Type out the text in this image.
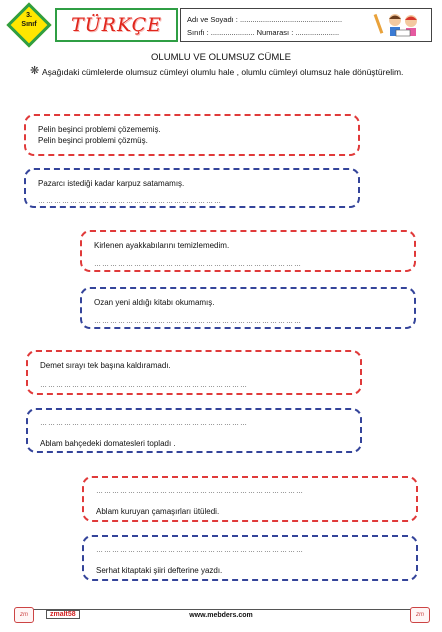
3.
Sınıf	TÜRKÇE	Adı ve Soyadı : .................................................
Sınıfı : ..................... Numarası : .....................
OLUMLU VE OLUMSUZ CÜMLE
❋ Aşağıdaki cümlelerde olumsuz cümleyi olumlu hale , olumlu cümleyi olumsuz hale dönüştürelim.
Pelin beşinci problemi çözememiş.
Pelin beşinci problemi çözmüş.
Pazarcı istediği kadar karpuz satamamış.
……………………………………………………………
Kirlenen ayakkabılarını temizlemedim.
……………………………………………………………………
Ozan yeni aldığı kitabı okumamış.
……………………………………………………………………
Demet sırayı tek başına kaldıramadı.
……………………………………………………………………
……………………………………………………………………
Ablam bahçedeki domatesleri topladı .
……………………………………………………………………
Ablam kuruyan çamaşırları ütüledi.
……………………………………………………………………
Serhat kitaptaki şiiri defterine yazdı.
zm	zmaIt58	www.mebders.com	zm
